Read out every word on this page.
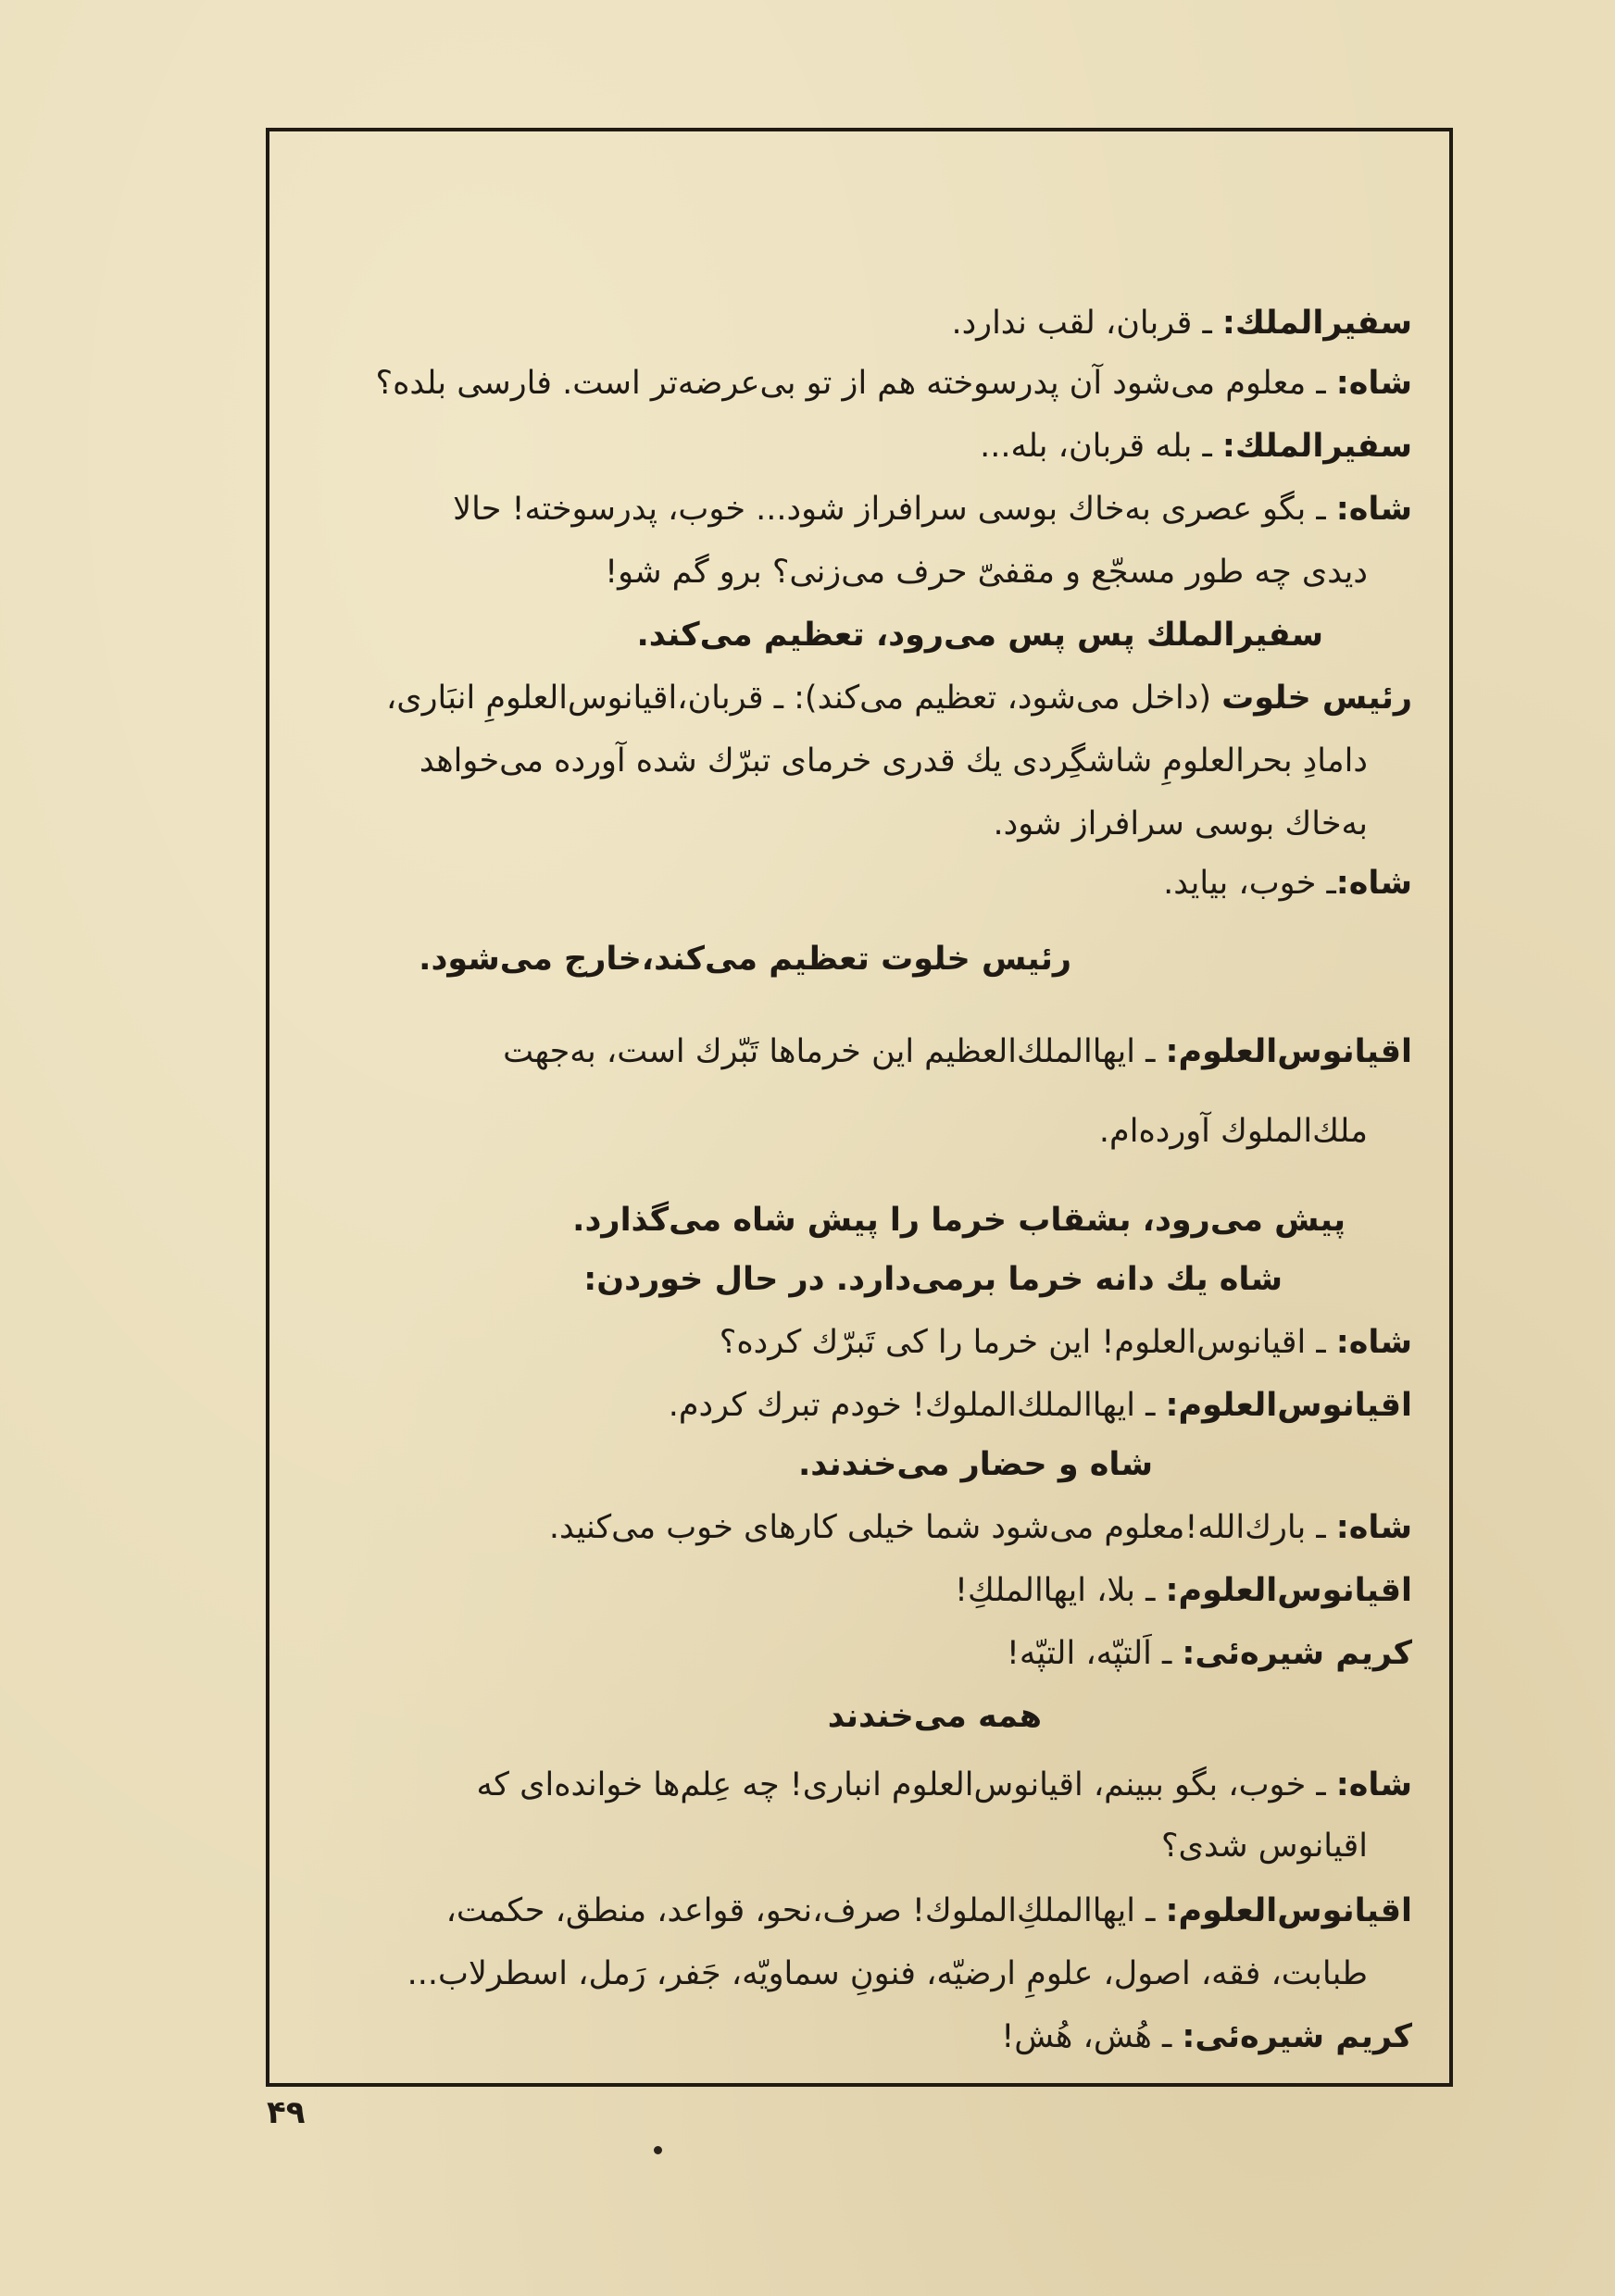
سفیرالملك: ـ قربان، لقب ندارد.
شاه: ـ معلوم می‌شود آن پدرسوخته هم از تو بی‌عرضه‌تر است. فارسی بلده؟
سفیرالملك: ـ بله قربان، بله...
شاه: ـ بگو عصری به‌خاك بوسی سرافراز شود... خوب، پدرسوخته! حالا
دیدی چه طور مسجّع و مقفیّ حرف می‌زنی؟ برو گم شو!
سفیرالملك پس پس می‌رود، تعظیم می‌کند.
رئیس خلوت (داخل می‌شود، تعظیم می‌کند): ـ قربان،اقیانوس‌العلومِ انبَاری،
دامادِ بحرالعلومِ شاشگِردی یك قدری خرمای تبرّك شده آورده می‌خواهد
به‌خاك بوسی سرافراز شود.
شاه:ـ خوب، بیاید.
رئیس خلوت تعظیم می‌کند،خارج می‌شود.
اقیانوس‌العلوم: ـ ایهاالملك‌العظیم این خرماها تَبّرك است، به‌جهت
ملك‌الملوك آورده‌ام.
پیش می‌رود، بشقاب خرما را پیش شاه می‌گذارد.
شاه یك دانه خرما برمی‌دارد. در حال خوردن:
شاه: ـ اقیانوس‌العلوم! این خرما را کی تَبرّك کرده؟
اقیانوس‌العلوم: ـ ایهاالملك‌الملوك! خودم تبرك کردم.
شاه و حضار می‌خندند.
شاه: ـ بارك‌الله!معلوم می‌شود شما خیلی کارهای خوب می‌کنید.
اقیانوس‌العلوم: ـ بلا، ایهاالملكِ!
کریم شیره‌ئی: ـ اَلتپّه، التپّه!
همه می‌خندند
شاه: ـ خوب، بگو ببینم، اقیانوس‌العلوم انباری! چه عِلم‌ها خوانده‌ای که
اقیانوس شدی؟
اقیانوس‌العلوم: ـ ایهاالملكِ‌الملوك! صرف،نحو، قواعد، منطق، حکمت،
طبابت، فقه، اصول، علومِ ارضیّه، فنونِ سماویّه، جَفر، رَمل، اسطرلاب...
کریم شیره‌ئی: ـ هُش، هُش!
۴۹
